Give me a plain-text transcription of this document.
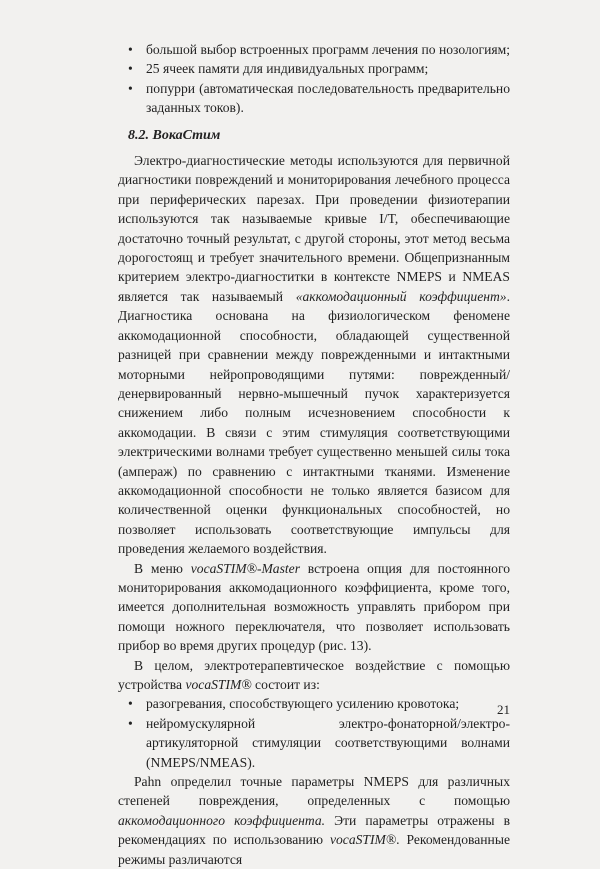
• большой выбор встроенных программ лечения по нозологиям;
• 25 ячеек памяти для индивидуальных программ;
• попурри (автоматическая последовательность предварительно заданных токов).
8.2. ВокаСтим

Электро-диагностические методы используются для первичной диагностики повреждений и мониторирования лечебного процесса при периферических парезах. При проведении физиотерапии используются так называемые кривые I/T, обеспечивающие достаточно точный результат, с другой стороны, этот метод весьма дорогостоящ и требует значительного времени. Общепризнанным критерием электро-диагноститки в контексте NMEPS и NMEAS является так называемый «аккомодационный коэффициент». Диагностика основана на физиологическом феномене аккомодационной способности, обладающей существенной разницей при сравнении между поврежденными и интактными моторными нейропроводящими путями: поврежденный/денервированный нервно-мышечный пучок характеризуется снижением либо полным исчезновением способности к аккомодации. В связи с этим стимуляция соответствующими электрическими волнами требует существенно меньшей силы тока (ампераж) по сравнению с интактными тканями. Изменение аккомодационной способности не только является базисом для количественной оценки функциональных способностей, но позволяет использовать соответствующие импульсы для проведения желаемого воздействия.

В меню vocaSTIM®-Master встроена опция для постоянного мониторирования аккомодационного коэффициента, кроме того, имеется дополнительная возможность управлять прибором при помощи ножного переключателя, что позволяет использовать прибор во время других процедур (рис. 13).

В целом, электротерапевтическое воздействие с помощью устройства vocaSTIM® состоит из:

• разогревания, способствующего усилению кровотока;
• нейромускулярной электро-фонаторной/электро-артикуляторной стимуляции соответствующими волнами (NMEPS/NMEAS).

Pahn определил точные параметры NMEPS для различных степеней повреждения, определенных с помощью аккомодационного коэффициента. Эти параметры отражены в рекомендациях по использованию vocaSTIM®. Рекомендованные режимы различаются

21
